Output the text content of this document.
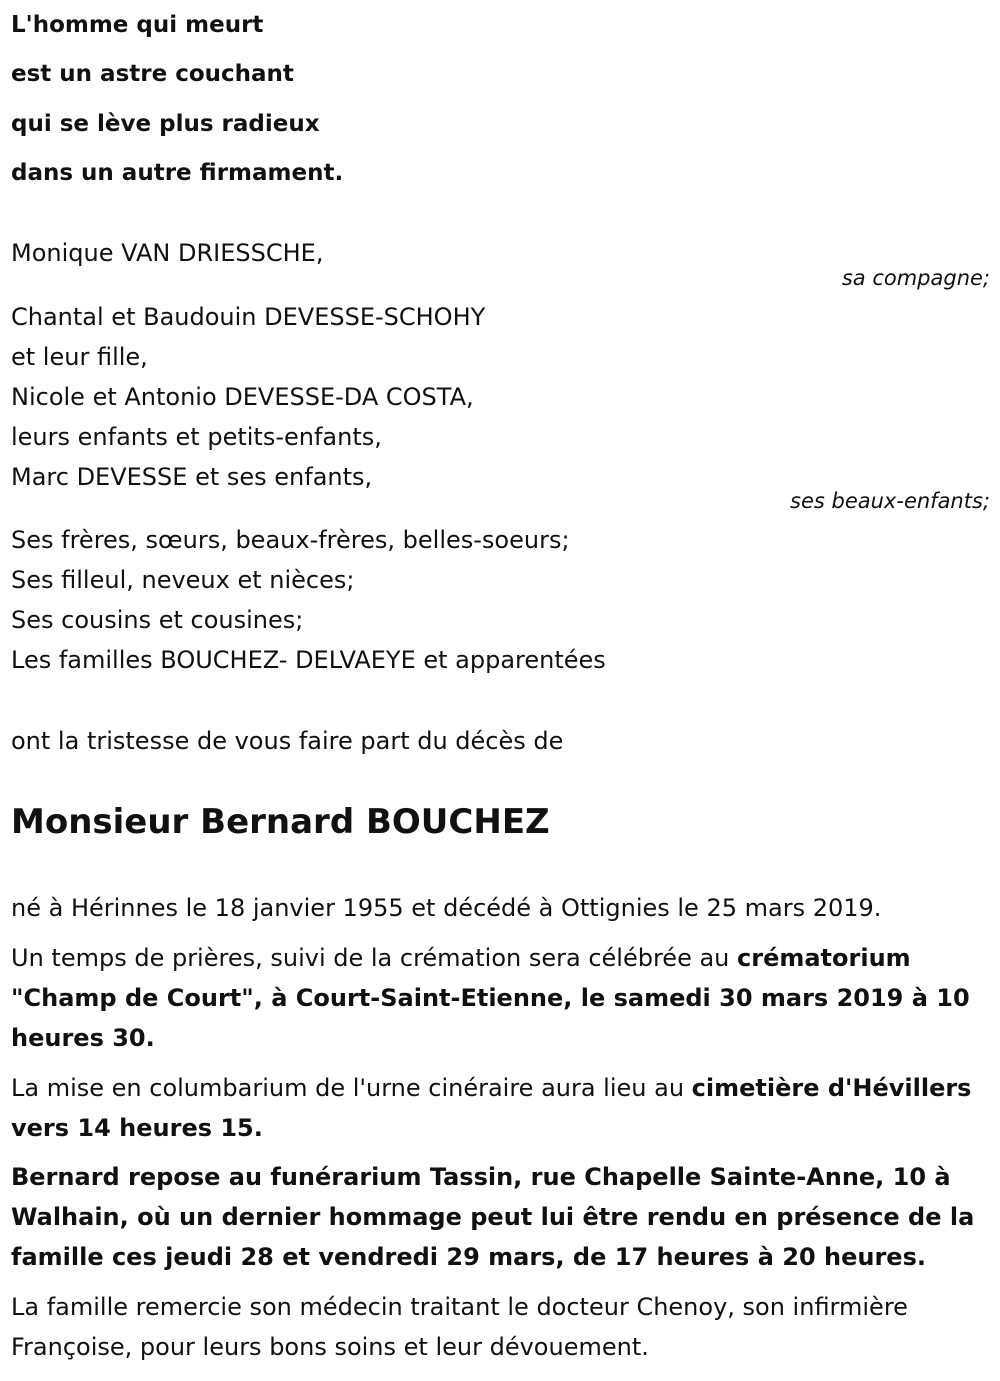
L'homme qui meurt
est un astre couchant
qui se lève plus radieux
dans un autre firmament.
Monique VAN DRIESSCHE,
sa compagne;
Chantal et Baudouin DEVESSE-SCHOHY
et leur fille,
Nicole et Antonio DEVESSE-DA COSTA,
leurs enfants et petits-enfants,
Marc DEVESSE et ses enfants,
ses beaux-enfants;
Ses frères, sœurs, beaux-frères, belles-soeurs;
Ses filleul, neveux et nièces;
Ses cousins et cousines;
Les familles BOUCHEZ- DELVAEYE et apparentées
ont la tristesse de vous faire part du décès de
Monsieur Bernard BOUCHEZ
né à Hérinnes le 18 janvier 1955 et décédé à Ottignies le 25 mars 2019.
Un temps de prières, suivi de la crémation sera célébrée au crématorium "Champ de Court", à Court-Saint-Etienne, le samedi 30 mars 2019 à 10 heures 30.
La mise en columbarium de l'urne cinéraire aura lieu au cimetière d'Hévillers vers 14 heures 15.
Bernard repose au funérarium Tassin, rue Chapelle Sainte-Anne, 10 à Walhain, où un dernier hommage peut lui être rendu en présence de la famille ces jeudi 28 et vendredi 29 mars, de 17 heures à 20 heures.
La famille remercie son médecin traitant le docteur Chenoy, son infirmière Françoise, pour leurs bons soins et leur dévouement.
